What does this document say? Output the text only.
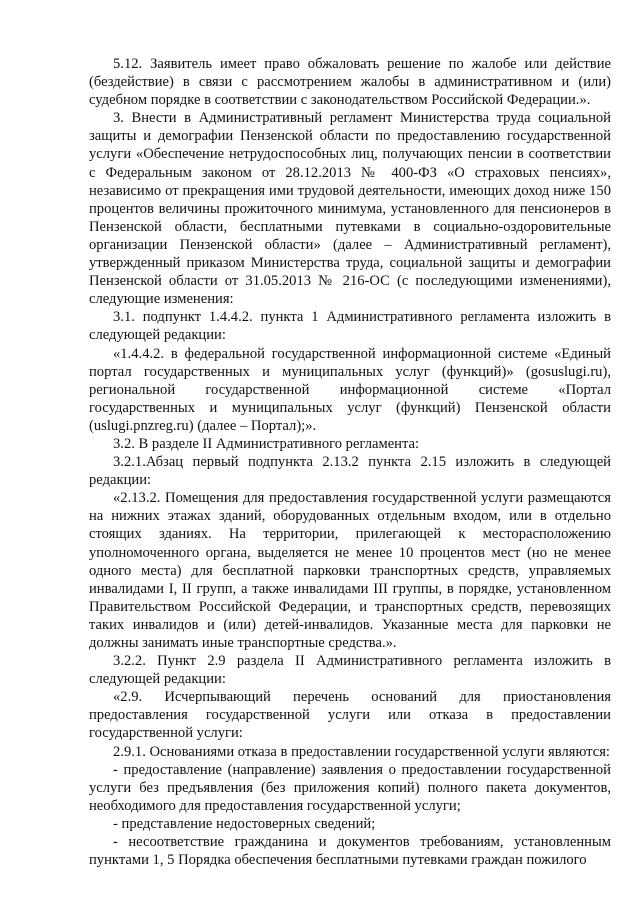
5.12. Заявитель имеет право обжаловать решение по жалобе или действие (бездействие) в связи с рассмотрением жалобы в административном и (или) судебном порядке в соответствии с законодательством Российской Федерации.».

3. Внести в Административный регламент Министерства труда социальной защиты и демографии Пензенской области по предоставлению государственной услуги «Обеспечение нетрудоспособных лиц, получающих пенсии в соответствии с Федеральным законом от 28.12.2013 № 400-ФЗ «О страховых пенсиях», независимо от прекращения ими трудовой деятельности, имеющих доход ниже 150 процентов величины прожиточного минимума, установленного для пенсионеров в Пензенской области, бесплатными путевками в социально-оздоровительные организации Пензенской области» (далее – Административный регламент), утвержденный приказом Министерства труда, социальной защиты и демографии Пензенской области от 31.05.2013 № 216-ОС (с последующими изменениями), следующие изменения:

3.1. подпункт 1.4.4.2. пункта 1 Административного регламента изложить в следующей редакции:

«1.4.4.2. в федеральной государственной информационной системе «Единый портал государственных и муниципальных услуг (функций)» (gosuslugi.ru), региональной государственной информационной системе «Портал государственных и муниципальных услуг (функций) Пензенской области (uslugi.pnzreg.ru) (далее – Портал);».

3.2. В разделе II Административного регламента:

3.2.1.Абзац первый подпункта 2.13.2 пункта 2.15 изложить в следующей редакции:

«2.13.2. Помещения для предоставления государственной услуги размещаются на нижних этажах зданий, оборудованных отдельным входом, или в отдельно стоящих зданиях. На территории, прилегающей к месторасположению уполномоченного органа, выделяется не менее 10 процентов мест (но не менее одного места) для бесплатной парковки транспортных средств, управляемых инвалидами I, II групп, а также инвалидами III группы, в порядке, установленном Правительством Российской Федерации, и транспортных средств, перевозящих таких инвалидов и (или) детей-инвалидов. Указанные места для парковки не должны занимать иные транспортные средства.».

3.2.2. Пункт 2.9 раздела II Административного регламента изложить в следующей редакции:

«2.9. Исчерпывающий перечень оснований для приостановления предоставления государственной услуги или отказа в предоставлении государственной услуги:

2.9.1. Основаниями отказа в предоставлении государственной услуги являются:

- предоставление (направление) заявления о предоставлении государственной услуги без предъявления (без приложения копий) полного пакета документов, необходимого для предоставления государственной услуги;

- представление недостоверных сведений;

- несоответствие гражданина и документов требованиям, установленным пунктами 1, 5 Порядка обеспечения бесплатными путевками граждан пожилого
